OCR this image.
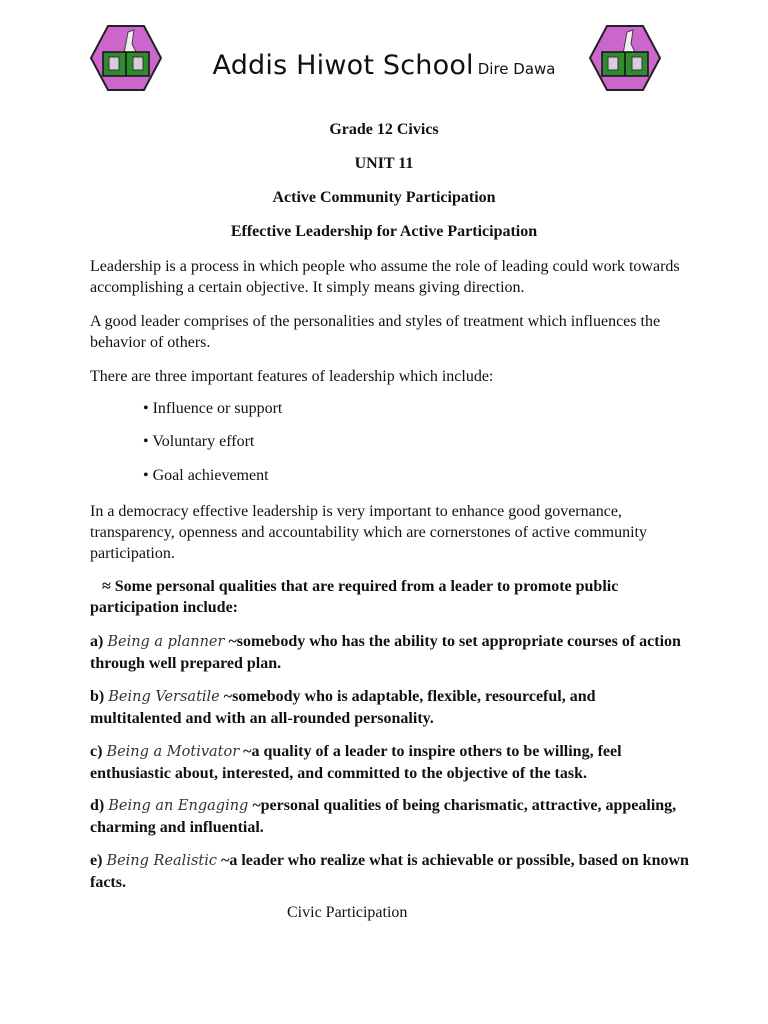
Addis Hiwot School Dire Dawa

Grade 12 Civics

UNIT 11

Active Community Participation

Effective Leadership for Active Participation

Leadership is a process in which people who assume the role of leading could work towards accomplishing a certain objective. It simply means giving direction.

A good leader comprises of the personalities and styles of treatment which influences the behavior of others.

There are three important features of leadership which include:

• Influence or support

• Voluntary effort

• Goal achievement

In a democracy effective leadership is very important to enhance good governance, transparency, openness and accountability which are cornerstones of active community participation.

≈ Some personal qualities that are required from a leader to promote public participation include:

a) Being a planner ~somebody who has the ability to set appropriate courses of action through well prepared plan.

b) Being Versatile ~somebody who is adaptable, flexible, resourceful, and multitalented and with an all-rounded personality.

c) Being a Motivator ~a quality of a leader to inspire others to be willing, feel enthusiastic about, interested, and committed to the objective of the task.

d) Being an Engaging ~personal qualities of being charismatic, attractive, appealing, charming and influential.

e) Being Realistic ~a leader who realize what is achievable or possible, based on known facts.

Civic Participation
